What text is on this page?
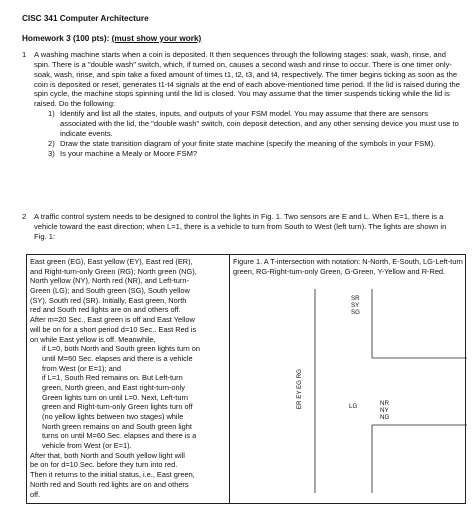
CISC 341 Computer Architecture
Homework 3 (100 pts): (must show your work)
1 A washing machine starts when a coin is deposited. It then sequences through the following stages: soak, wash, rinse, and spin. There is a "double wash" switch, which, if turned on, causes a second wash and rinse to occur. There is one timer only- soak, wash, rinse, and spin take a fixed amount of times t1, t2, t3, and t4, respectively. The timer begins ticking as soon as the coin is deposited or reset, generates t1-t4 signals at the end of each above-mentioned time period. If the lid is raised during the spin cycle, the machine stops spinning until the lid is closed. You may assume that the timer suspends ticking while the lid is raised. Do the following:
1) Identify and list all the states, inputs, and outputs of your FSM model. You may assume that there are sensors associated with the lid, the "double wash" switch, coin deposit detection, and any other sensing device you must use to indicate events.
2) Draw the state transition diagram of your finite state machine (specify the meaning of the symbols in your FSM).
3) Is your machine a Mealy or Moore FSM?
2 A traffic control system needs to be designed to control the lights in Fig. 1. Two sensors are E and L. When E=1, there is a vehicle toward the east direction; when L=1, there is a vehicle to turn from South to West (left turn). The lights are shown in Fig. 1:
East green (EG), East yellow (EY), East red (ER),
and Right-turn-only Green (RG); North green (NG),
North yellow (NY), North red (NR), and Left-turn-
Green (LG); and South green (SG), South yellow
(SY), South red (SR). Initially, East green, North
red and South red lights are on and others off.
After m=20 Sec., East green is off and East Yellow
will be on for a short period d=10 Sec.. East Red is
on while East yellow is off. Meanwhile,
if L=0, both North and South green lights turn on
until M=60 Sec. elapses and there is a vehicle
from West (or E=1); and
if L=1, South Red remains on. But Left-turn
green, North green, and East right-turn-only
Green lights turn on until L=0. Next, Left-turn
green and Right-turn-only Green lights turn off
(no yellow lights between two stages) while
North green remains on and South green light
turns on until M=60 Sec. elapses and there is a
vehicle from West (or E=1).
After that, both North and South yellow light will
be on for d=10 Sec. before they turn into red.
Then it returns to the initial status, i.e., East green,
North red and South red lights are on and others
off.
Figure 1. A T-intersection with notation: N-North, E-South, LG-Left-turn green, RG-Right-turn-only Green, G-Green, Y-Yellow and R-Red.
SR
SY
SG
ER EY EG RG	LG	NR
NY
NG
